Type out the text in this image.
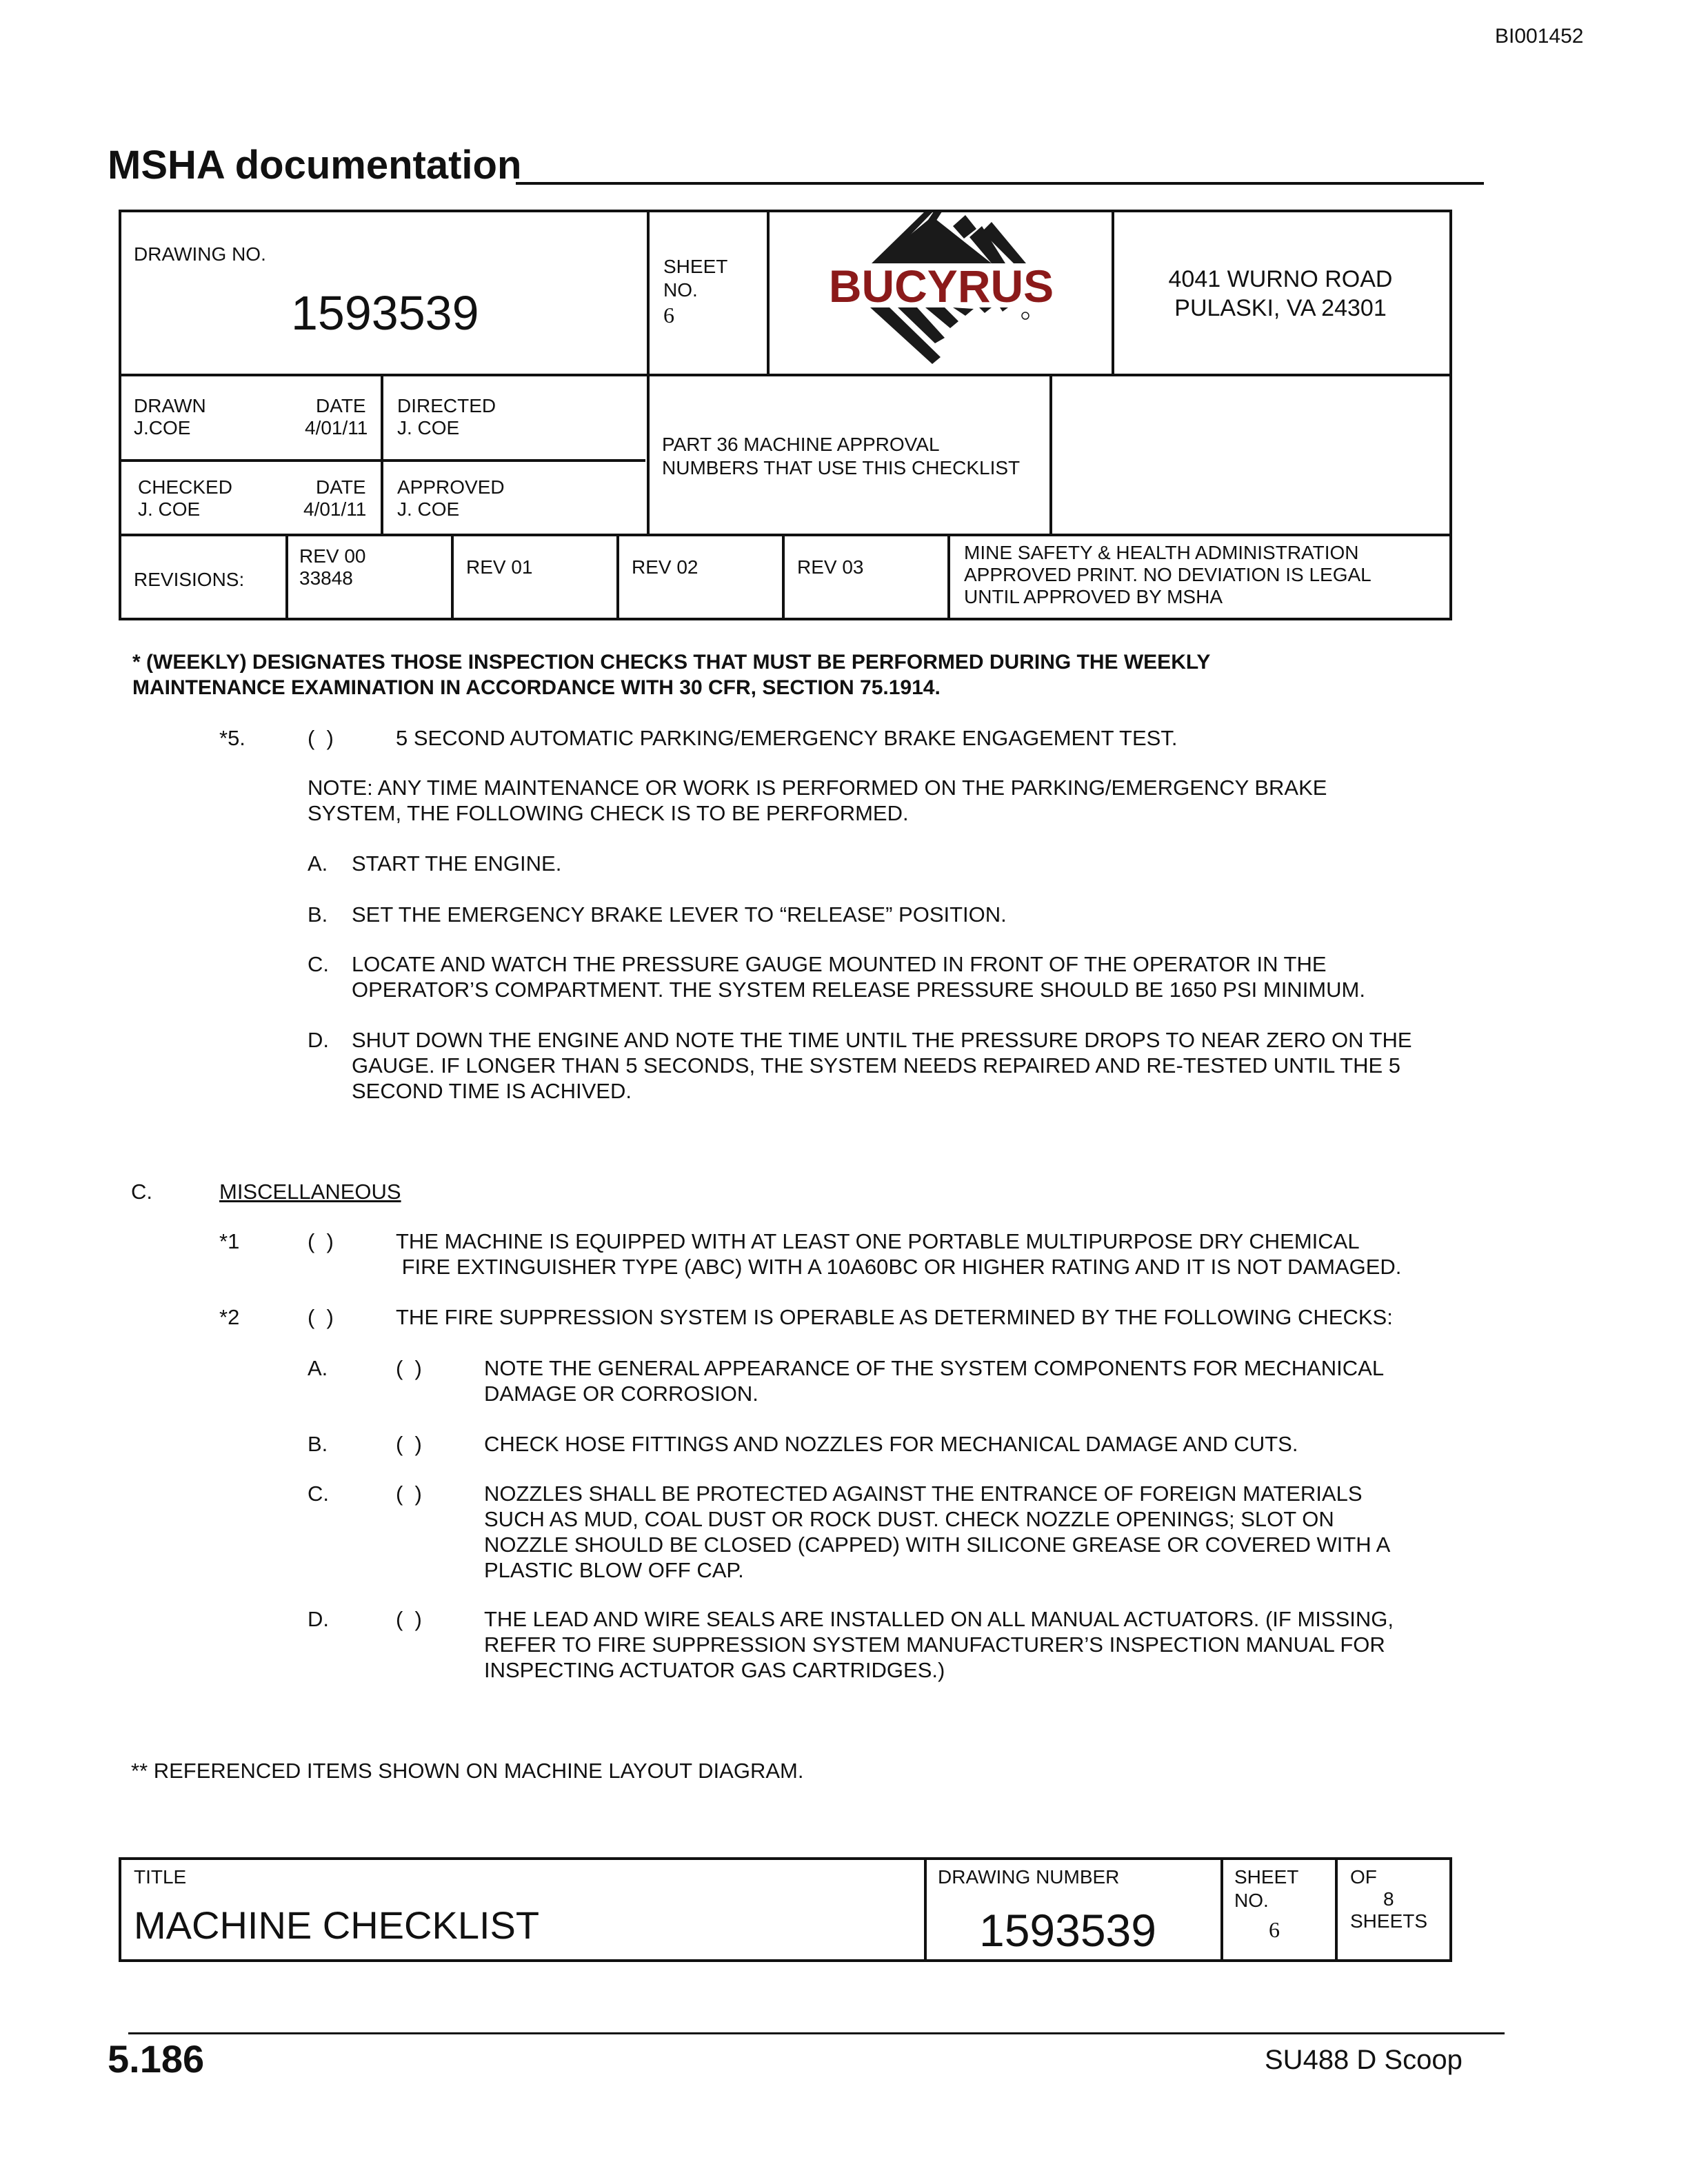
BI001452
MSHA documentation
DRAWING NO.
1593539
SHEET
NO.
6
BUCYRUS	4041 WURNO ROAD
PULASKI, VA 24301
DRAWN
J.COE
DATE
4/01/11
DIRECTED
J. COE
CHECKED
J. COE
DATE
4/01/11
APPROVED
J. COE
PART 36 MACHINE APPROVAL
NUMBERS THAT USE THIS CHECKLIST
REVISIONS:
REV 00
33848
REV 01	REV 02	REV 03
MINE SAFETY & HEALTH ADMINISTRATION
APPROVED PRINT. NO DEVIATION IS LEGAL
UNTIL APPROVED BY MSHA
* (WEEKLY) DESIGNATES THOSE INSPECTION CHECKS THAT MUST BE PERFORMED DURING THE WEEKLY
MAINTENANCE EXAMINATION IN ACCORDANCE WITH 30 CFR, SECTION 75.1914.
*5.	(  )	5 SECOND AUTOMATIC PARKING/EMERGENCY BRAKE ENGAGEMENT TEST.
NOTE: ANY TIME MAINTENANCE OR WORK IS PERFORMED ON THE PARKING/EMERGENCY BRAKE
SYSTEM, THE FOLLOWING CHECK IS TO BE PERFORMED.
A. START THE ENGINE.
B. SET THE EMERGENCY BRAKE LEVER TO “RELEASE” POSITION.
C. LOCATE AND WATCH THE PRESSURE GAUGE MOUNTED IN FRONT OF THE OPERATOR IN THE
OPERATOR’S COMPARTMENT. THE SYSTEM RELEASE PRESSURE SHOULD BE 1650 PSI MINIMUM.
D. SHUT DOWN THE ENGINE AND NOTE THE TIME UNTIL THE PRESSURE DROPS TO NEAR ZERO ON THE
GAUGE. IF LONGER THAN 5 SECONDS, THE SYSTEM NEEDS REPAIRED AND RE-TESTED UNTIL THE 5
SECOND TIME IS ACHIVED.
C.	MISCELLANEOUS
*1	(  )	THE MACHINE IS EQUIPPED WITH AT LEAST ONE PORTABLE MULTIPURPOSE DRY CHEMICAL
FIRE EXTINGUISHER TYPE (ABC) WITH A 10A60BC OR HIGHER RATING AND IT IS NOT DAMAGED.
*2	(  )	THE FIRE SUPPRESSION SYSTEM IS OPERABLE AS DETERMINED BY THE FOLLOWING CHECKS:
A.	(  )	NOTE THE GENERAL APPEARANCE OF THE SYSTEM COMPONENTS FOR MECHANICAL
DAMAGE OR CORROSION.
B.	(  )	CHECK HOSE FITTINGS AND NOZZLES FOR MECHANICAL DAMAGE AND CUTS.
C.	(  )	NOZZLES SHALL BE PROTECTED AGAINST THE ENTRANCE OF FOREIGN MATERIALS
SUCH AS MUD, COAL DUST OR ROCK DUST. CHECK NOZZLE OPENINGS; SLOT ON
NOZZLE SHOULD BE CLOSED (CAPPED) WITH SILICONE GREASE OR COVERED WITH A
PLASTIC BLOW OFF CAP.
D.	(  )	THE LEAD AND WIRE SEALS ARE INSTALLED ON ALL MANUAL ACTUATORS. (IF MISSING,
REFER TO FIRE SUPPRESSION SYSTEM MANUFACTURER’S INSPECTION MANUAL FOR
INSPECTING ACTUATOR GAS CARTRIDGES.)
** REFERENCED ITEMS SHOWN ON MACHINE LAYOUT DIAGRAM.
TITLE
MACHINE CHECKLIST
DRAWING NUMBER
1593539
SHEET
NO.
6
OF
8
SHEETS
5.186	SU488 D Scoop
